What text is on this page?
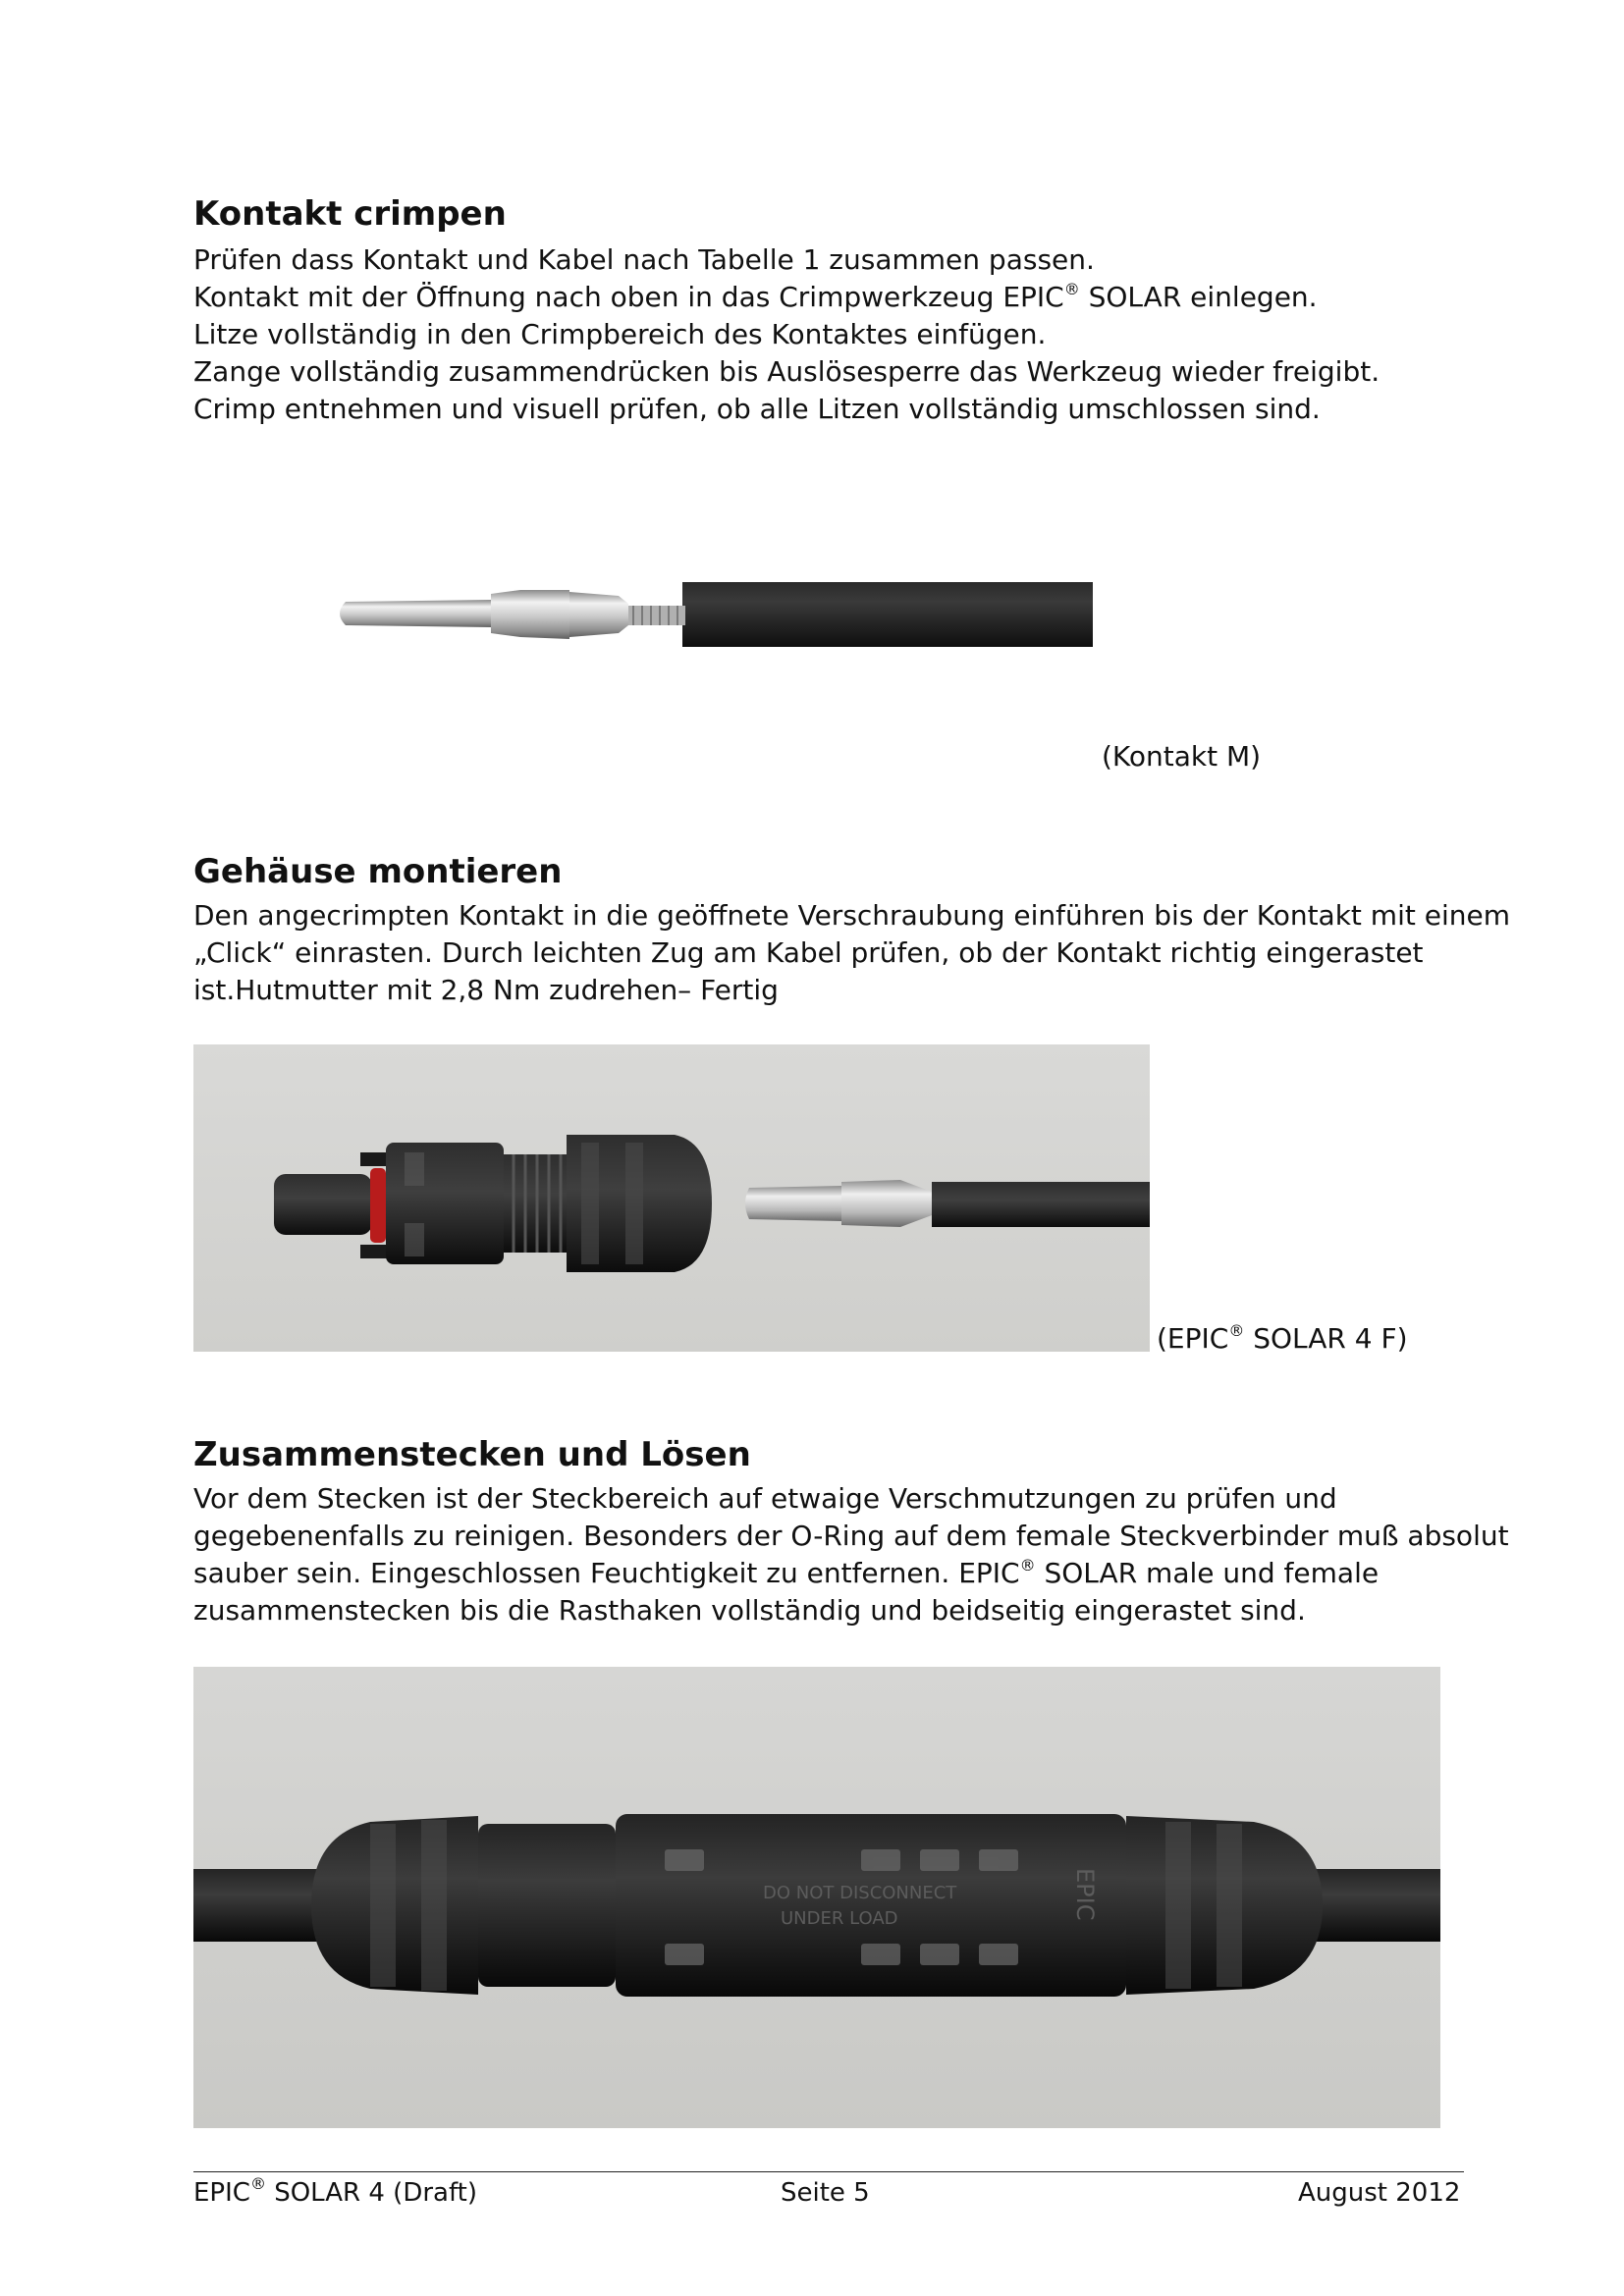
Kontakt crimpen
Prüfen dass Kontakt und Kabel nach Tabelle 1 zusammen passen.
Kontakt mit der Öffnung nach oben in das Crimpwerkzeug EPIC® SOLAR einlegen.
Litze vollständig in den Crimpbereich des Kontaktes einfügen.
Zange vollständig zusammendrücken bis Auslösesperre das Werkzeug wieder freigibt.
Crimp entnehmen und visuell prüfen, ob alle Litzen vollständig umschlossen sind.
(Kontakt M)
Gehäuse montieren
Den angecrimpten Kontakt in die geöffnete Verschraubung einführen bis der Kontakt mit einem
„Click“ einrasten. Durch leichten Zug am Kabel prüfen, ob der Kontakt richtig eingerastet
ist.Hutmutter mit 2,8 Nm zudrehen– Fertig
(EPIC® SOLAR 4 F)
Zusammenstecken und Lösen
Vor dem Stecken ist der Steckbereich auf etwaige Verschmutzungen zu prüfen und
gegebenenfalls zu reinigen. Besonders der O-Ring auf dem female Steckverbinder muß absolut
sauber sein. Eingeschlossen Feuchtigkeit zu entfernen. EPIC® SOLAR male und female
zusammenstecken bis die Rasthaken vollständig und beidseitig eingerastet sind.
DO NOT DISCONNECT
UNDER LOAD	EPIC
EPIC® SOLAR 4 (Draft)	Seite 5	August 2012
